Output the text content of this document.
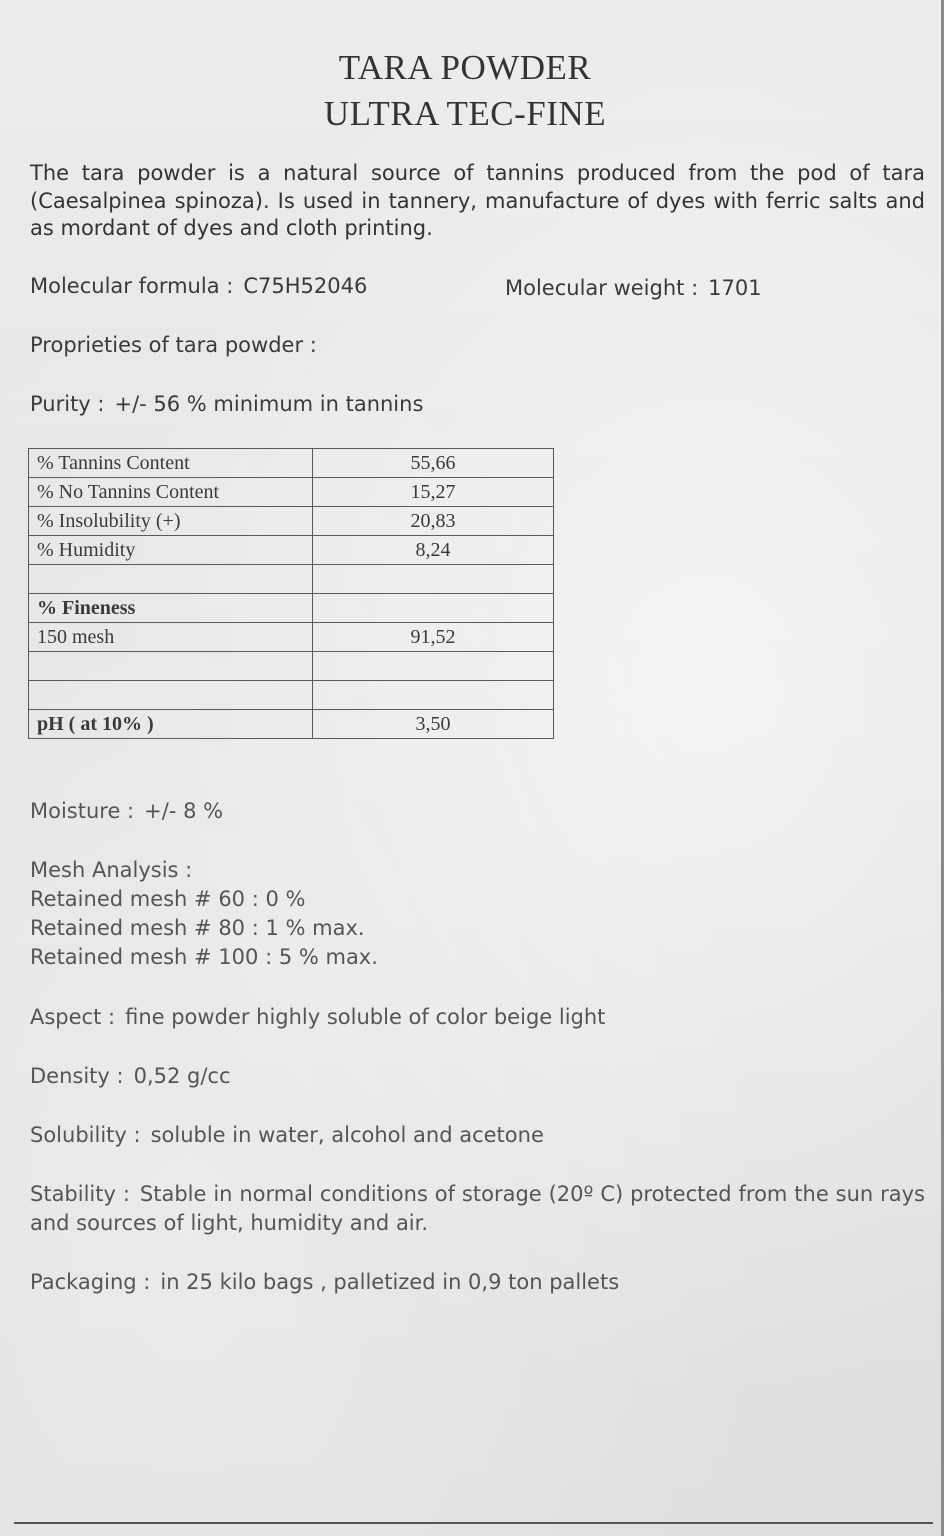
TARA POWDER
ULTRA TEC-FINE

The tara powder is a natural source of tannins produced from the pod of tara (Caesalpinea spinoza). Is used in tannery, manufacture of dyes with ferric salts and as mordant of dyes and cloth printing.

Molecular formula : C75H52046	Molecular weight : 1701
Proprieties of tara powder :
Purity : +/- 56 % minimum in tannins
% Tannins Content	55,66
% No Tannins Content	15,27
% Insolubility (+)	20,83
% Humidity	8,24

% Fineness	
150 mesh	91,52

pH ( at 10% )	3,50
Moisture : +/- 8 %
Mesh Analysis :
Retained mesh # 60 : 0 %
Retained mesh # 80 : 1 % max.
Retained mesh # 100 : 5 % max.
Aspect : fine powder highly soluble of color beige light
Density : 0,52 g/cc
Solubility : soluble in water, alcohol and acetone

Stability : Stable in normal conditions of storage (20º C) protected from the sun rays and sources of light, humidity and air.

Packaging : in 25 kilo bags , palletized in 0,9 ton pallets
